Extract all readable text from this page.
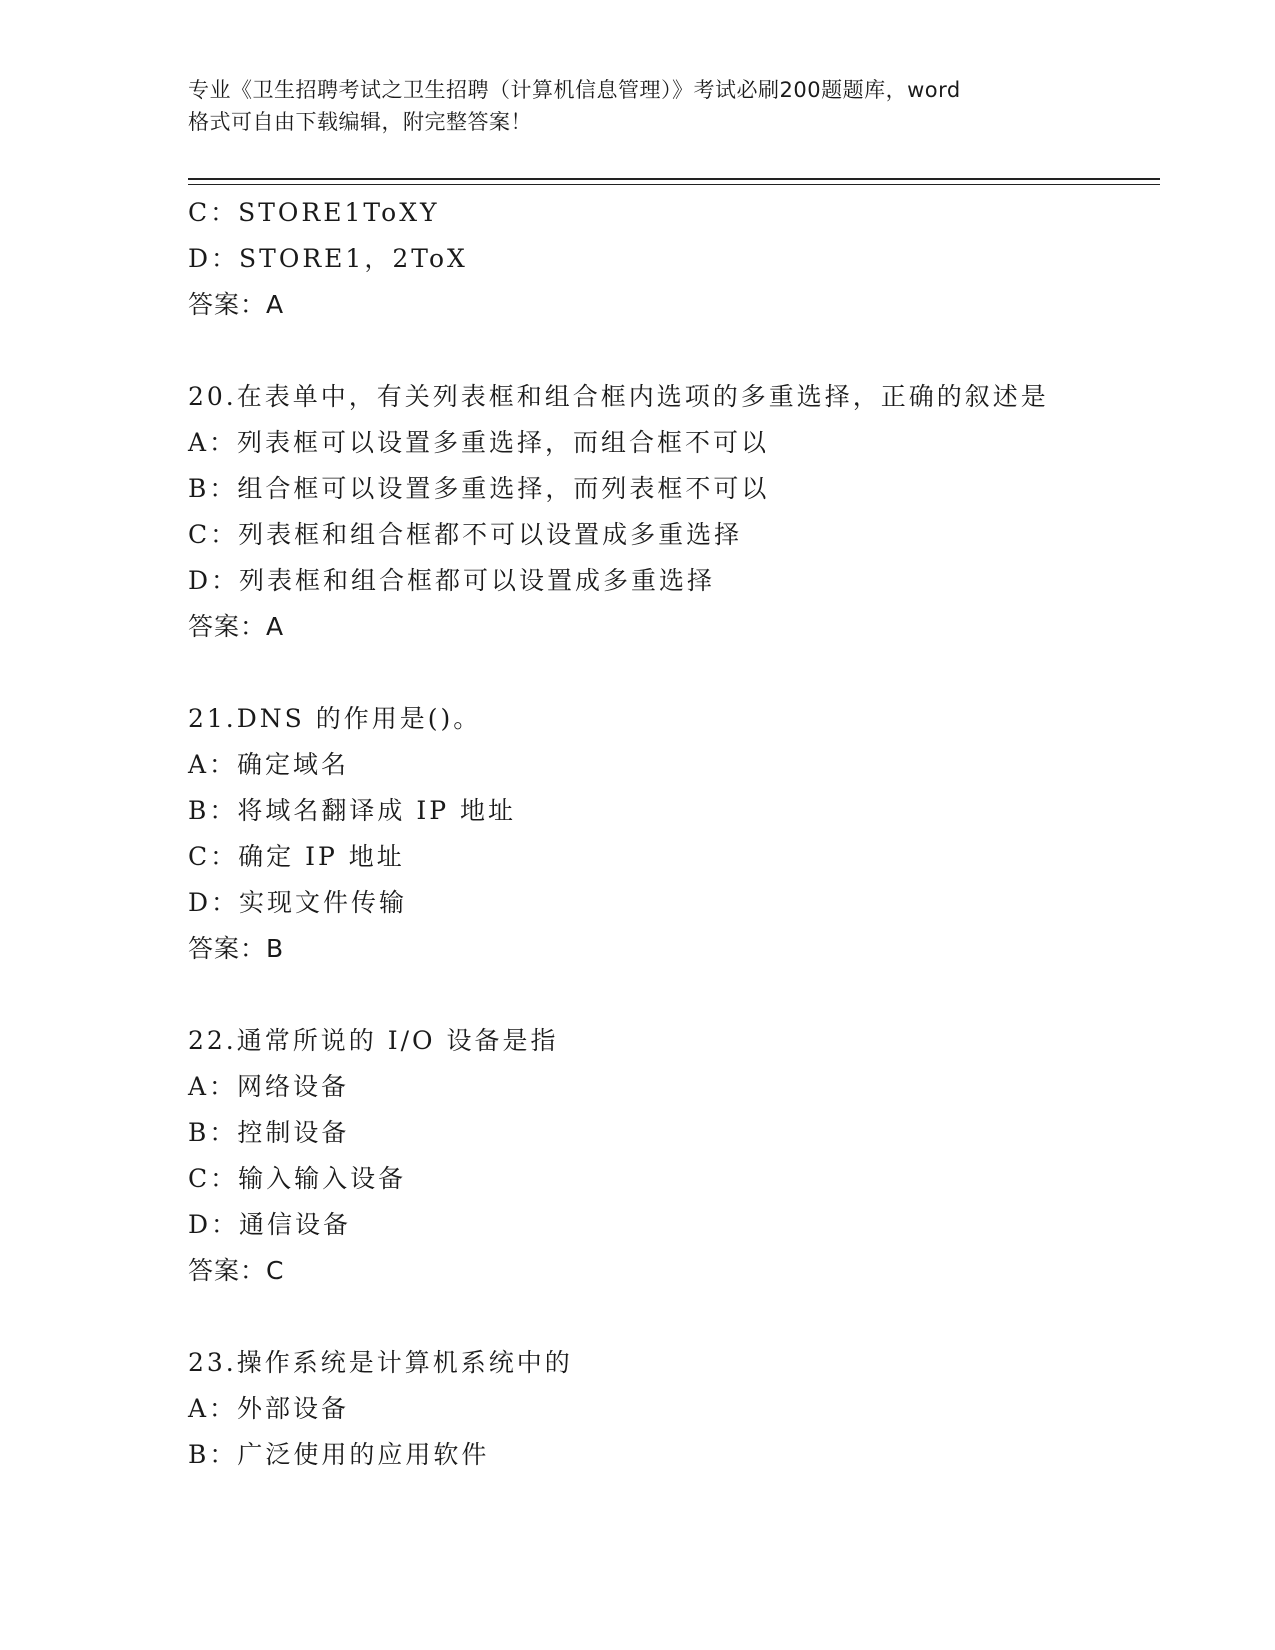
专业《卫生招聘考试之卫生招聘（计算机信息管理）》考试必刷200题题库，word
格式可自由下载编辑，附完整答案！
C：STORE1ToXY
D：STORE1，2ToX
答案：A
20.在表单中，有关列表框和组合框内选项的多重选择，正确的叙述是
A：列表框可以设置多重选择，而组合框不可以
B：组合框可以设置多重选择，而列表框不可以
C：列表框和组合框都不可以设置成多重选择
D：列表框和组合框都可以设置成多重选择
答案：A
21.DNS 的作用是()。
A：确定域名
B：将域名翻译成 IP 地址
C：确定 IP 地址
D：实现文件传输
答案：B
22.通常所说的 I/O 设备是指
A：网络设备
B：控制设备
C：输入输入设备
D：通信设备
答案：C
23.操作系统是计算机系统中的
A：外部设备
B：广泛使用的应用软件
